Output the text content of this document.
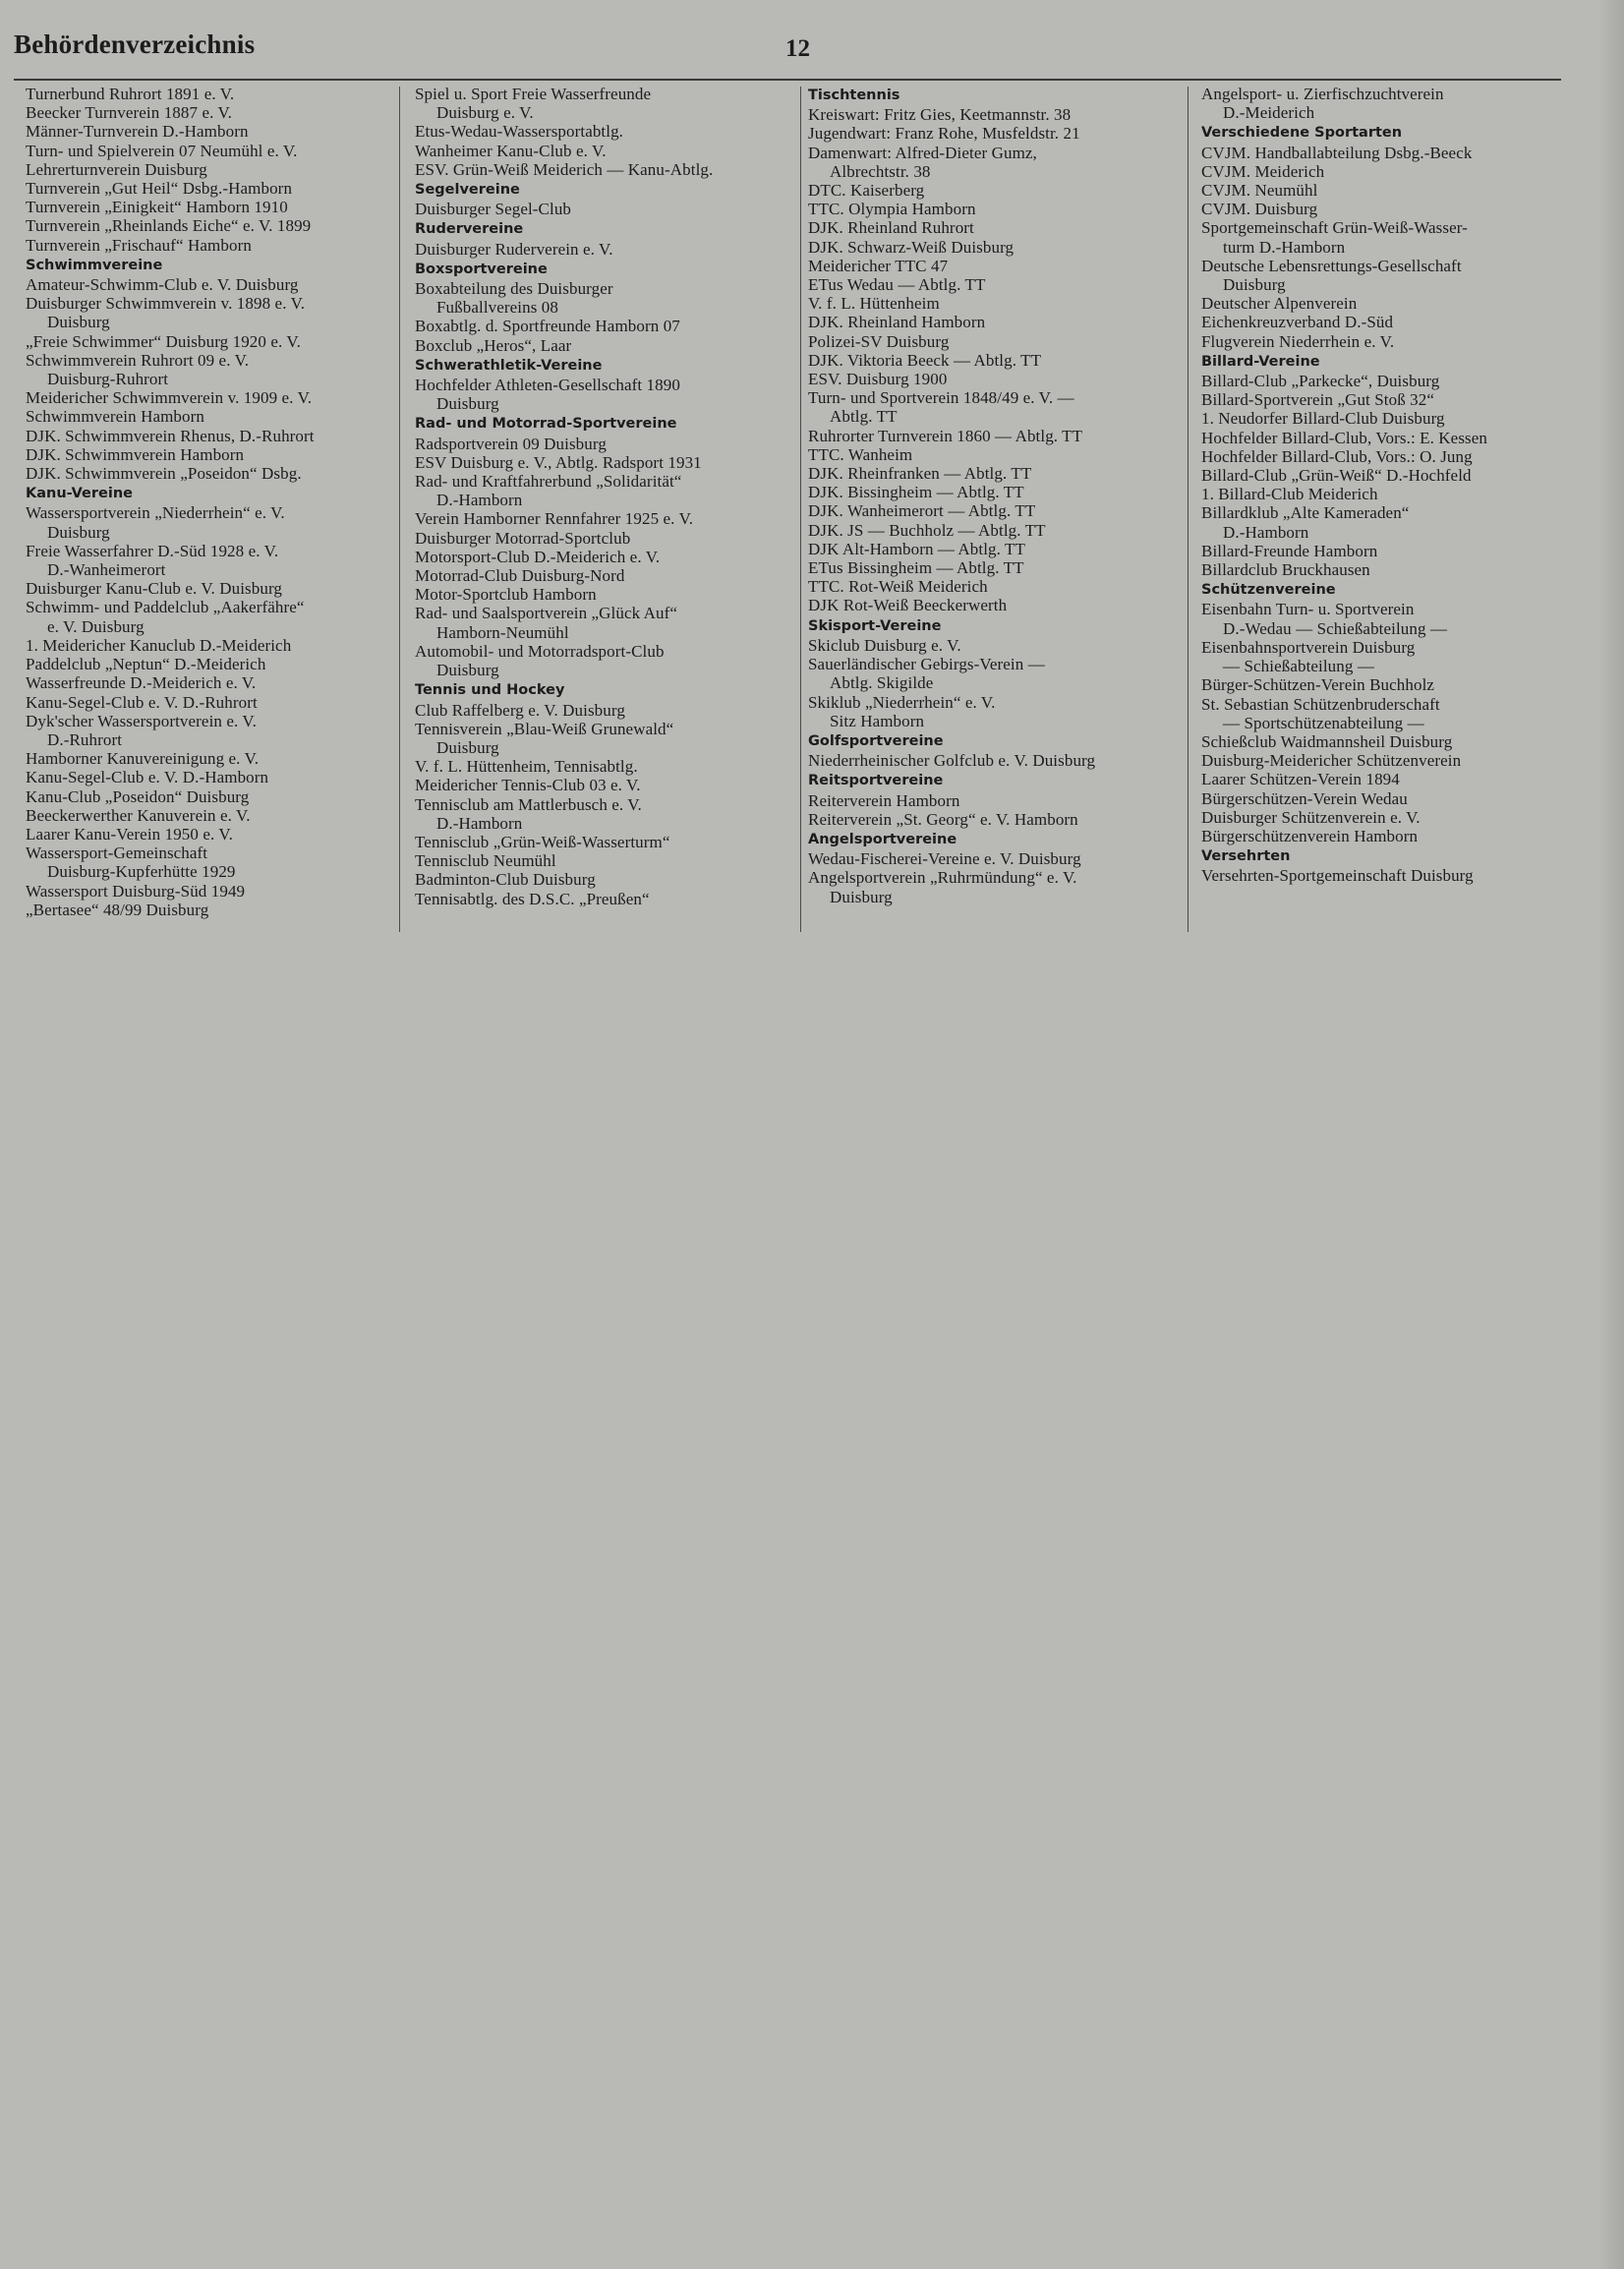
Behördenverzeichnis	12
Turnerbund Ruhrort 1891 e. V.
Beecker Turnverein 1887 e. V.
Männer-Turnverein D.-Hamborn
Turn- und Spielverein 07 Neumühl e. V.
Lehrerturnverein Duisburg
Turnverein „Gut Heil“ Dsbg.-Hamborn
Turnverein „Einigkeit“ Hamborn 1910
Turnverein „Rheinlands Eiche“ e. V. 1899
Turnverein „Frischauf“ Hamborn
Schwimmvereine
Amateur-Schwimm-Club e. V. Duisburg
Duisburger Schwimmverein v. 1898 e. V.
Duisburg
„Freie Schwimmer“ Duisburg 1920 e. V.
Schwimmverein Ruhrort 09 e. V.
Duisburg-Ruhrort
Meidericher Schwimmverein v. 1909 e. V.
Schwimmverein Hamborn
DJK. Schwimmverein Rhenus, D.-Ruhrort
DJK. Schwimmverein Hamborn
DJK. Schwimmverein „Poseidon“ Dsbg.
Kanu-Vereine
Wassersportverein „Niederrhein“ e. V.
Duisburg
Freie Wasserfahrer D.-Süd 1928 e. V.
D.-Wanheimerort
Duisburger Kanu-Club e. V. Duisburg
Schwimm- und Paddelclub „Aakerfähre“
e. V. Duisburg
1. Meidericher Kanuclub D.-Meiderich
Paddelclub „Neptun“ D.-Meiderich
Wasserfreunde D.-Meiderich e. V.
Kanu-Segel-Club e. V. D.-Ruhrort
Dyk'scher Wassersportverein e. V.
D.-Ruhrort
Hamborner Kanuvereinigung e. V.
Kanu-Segel-Club e. V. D.-Hamborn
Kanu-Club „Poseidon“ Duisburg
Beeckerwerther Kanuverein e. V.
Laarer Kanu-Verein 1950 e. V.
Wassersport-Gemeinschaft
Duisburg-Kupferhütte 1929
Wassersport Duisburg-Süd 1949
„Bertasee“ 48/99 Duisburg
Spiel u. Sport Freie Wasserfreunde
Duisburg e. V.
Etus-Wedau-Wassersportabtlg.
Wanheimer Kanu-Club e. V.
ESV. Grün-Weiß Meiderich — Kanu-Abtlg.
Segelvereine
Duisburger Segel-Club
Rudervereine
Duisburger Ruderverein e. V.
Boxsportvereine
Boxabteilung des Duisburger
Fußballvereins 08
Boxabtlg. d. Sportfreunde Hamborn 07
Boxclub „Heros“, Laar
Schwerathletik-Vereine
Hochfelder Athleten-Gesellschaft 1890
Duisburg
Rad- und Motorrad-Sportvereine
Radsportverein 09 Duisburg
ESV Duisburg e. V., Abtlg. Radsport 1931
Rad- und Kraftfahrerbund „Solidarität“
D.-Hamborn
Verein Hamborner Rennfahrer 1925 e. V.
Duisburger Motorrad-Sportclub
Motorsport-Club D.-Meiderich e. V.
Motorrad-Club Duisburg-Nord
Motor-Sportclub Hamborn
Rad- und Saalsportverein „Glück Auf“
Hamborn-Neumühl
Automobil- und Motorradsport-Club
Duisburg
Tennis und Hockey
Club Raffelberg e. V. Duisburg
Tennisverein „Blau-Weiß Grunewald“
Duisburg
V. f. L. Hüttenheim, Tennisabtlg.
Meidericher Tennis-Club 03 e. V.
Tennisclub am Mattlerbusch e. V.
D.-Hamborn
Tennisclub „Grün-Weiß-Wasserturm“
Tennisclub Neumühl
Badminton-Club Duisburg
Tennisabtlg. des D.S.C. „Preußen“
Tischtennis
Kreiswart: Fritz Gies, Keetmannstr. 38
Jugendwart: Franz Rohe, Musfeldstr. 21
Damenwart: Alfred-Dieter Gumz,
Albrechtstr. 38
DTC. Kaiserberg
TTC. Olympia Hamborn
DJK. Rheinland Ruhrort
DJK. Schwarz-Weiß Duisburg
Meidericher TTC 47
ETus Wedau — Abtlg. TT
V. f. L. Hüttenheim
DJK. Rheinland Hamborn
Polizei-SV Duisburg
DJK. Viktoria Beeck — Abtlg. TT
ESV. Duisburg 1900
Turn- und Sportverein 1848/49 e. V. —
Abtlg. TT
Ruhrorter Turnverein 1860 — Abtlg. TT
TTC. Wanheim
DJK. Rheinfranken — Abtlg. TT
DJK. Bissingheim — Abtlg. TT
DJK. Wanheimerort — Abtlg. TT
DJK. JS — Buchholz — Abtlg. TT
DJK Alt-Hamborn — Abtlg. TT
ETus Bissingheim — Abtlg. TT
TTC. Rot-Weiß Meiderich
DJK Rot-Weiß Beeckerwerth
Skisport-Vereine
Skiclub Duisburg e. V.
Sauerländischer Gebirgs-Verein —
Abtlg. Skigilde
Skiklub „Niederrhein“ e. V.
Sitz Hamborn
Golfsportvereine
Niederrheinischer Golfclub e. V. Duisburg
Reitsportvereine
Reiterverein Hamborn
Reiterverein „St. Georg“ e. V. Hamborn
Angelsportvereine
Wedau-Fischerei-Vereine e. V. Duisburg
Angelsportverein „Ruhrmündung“ e. V.
Duisburg
Angelsport- u. Zierfischzuchtverein
D.-Meiderich
Verschiedene Sportarten
CVJM. Handballabteilung Dsbg.-Beeck
CVJM. Meiderich
CVJM. Neumühl
CVJM. Duisburg
Sportgemeinschaft Grün-Weiß-Wasser-
turm D.-Hamborn
Deutsche Lebensrettungs-Gesellschaft
Duisburg
Deutscher Alpenverein
Eichenkreuzverband D.-Süd
Flugverein Niederrhein e. V.
Billard-Vereine
Billard-Club „Parkecke“, Duisburg
Billard-Sportverein „Gut Stoß 32“
1. Neudorfer Billard-Club Duisburg
Hochfelder Billard-Club, Vors.: E. Kessen
Hochfelder Billard-Club, Vors.: O. Jung
Billard-Club „Grün-Weiß“ D.-Hochfeld
1. Billard-Club Meiderich
Billardklub „Alte Kameraden“
D.-Hamborn
Billard-Freunde Hamborn
Billardclub Bruckhausen
Schützenvereine
Eisenbahn Turn- u. Sportverein
D.-Wedau — Schießabteilung —
Eisenbahnsportverein Duisburg
— Schießabteilung —
Bürger-Schützen-Verein Buchholz
St. Sebastian Schützenbruderschaft
— Sportschützenabteilung —
Schießclub Waidmannsheil Duisburg
Duisburg-Meidericher Schützenverein
Laarer Schützen-Verein 1894
Bürgerschützen-Verein Wedau
Duisburger Schützenverein e. V.
Bürgerschützenverein Hamborn
Versehrten
Versehrten-Sportgemeinschaft Duisburg
